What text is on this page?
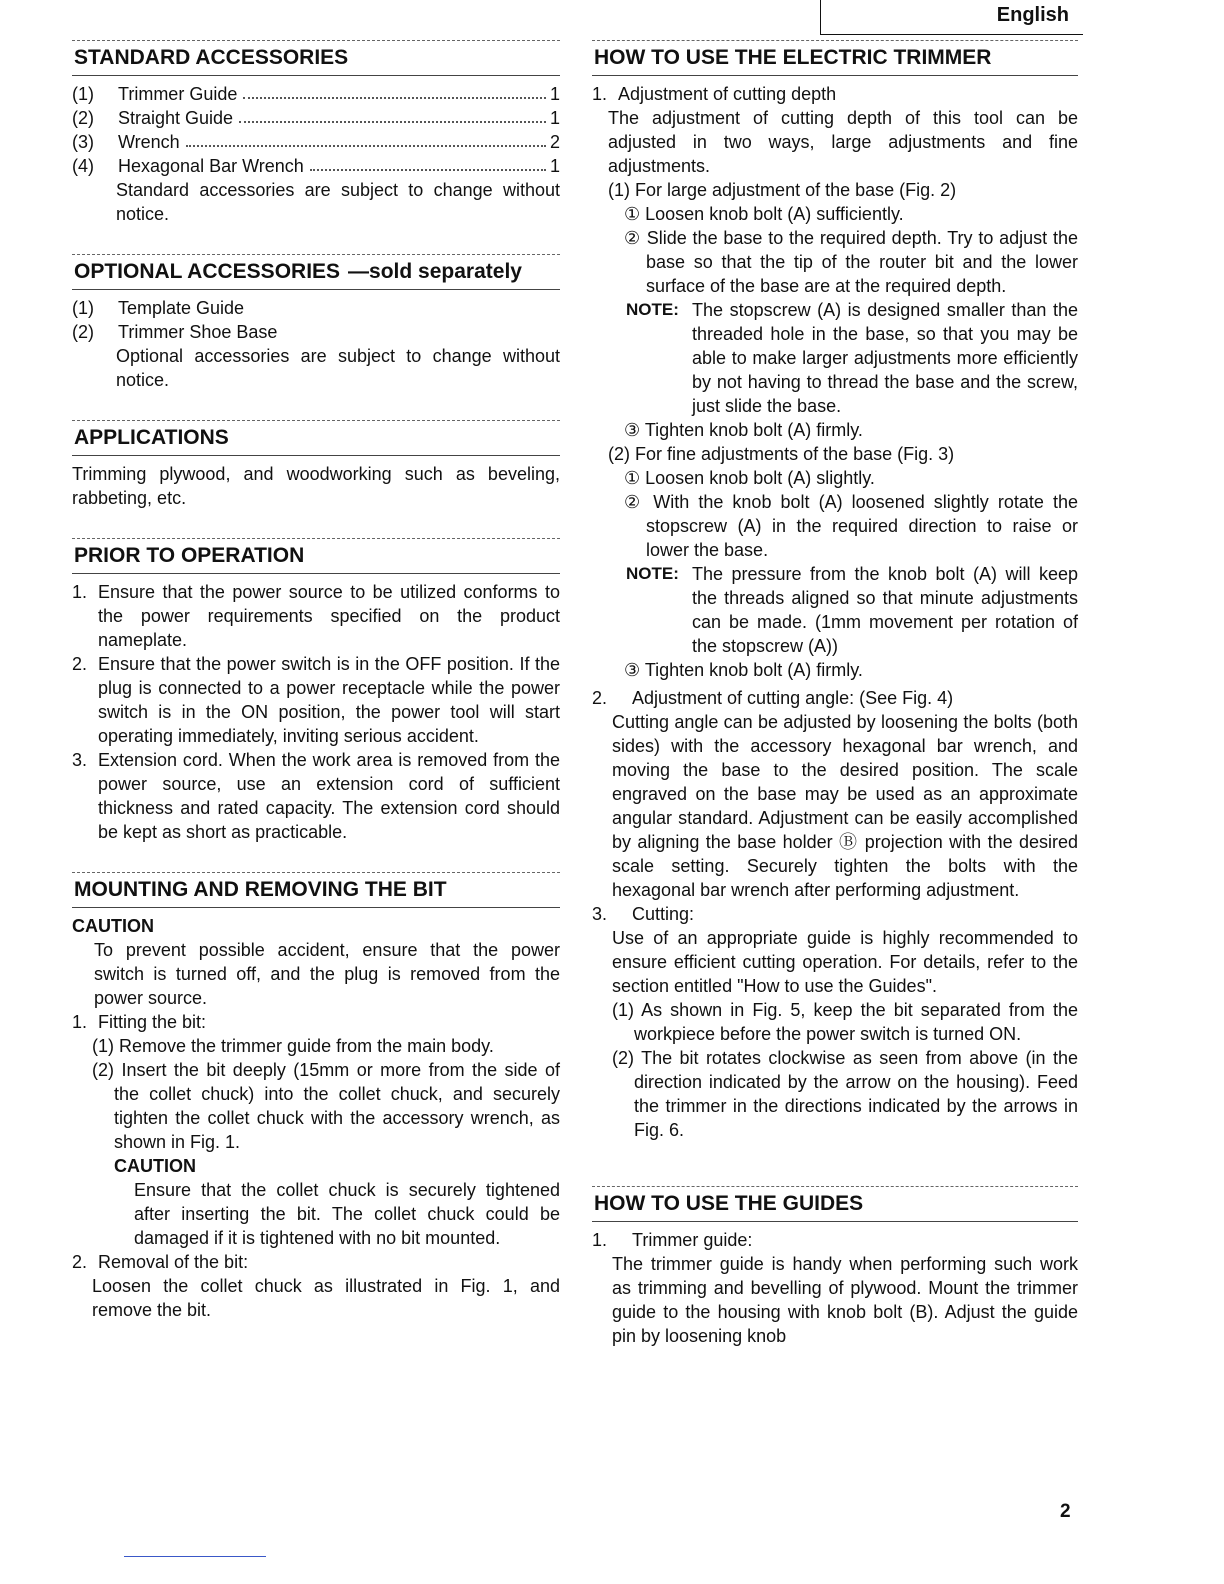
English
STANDARD ACCESSORIES
(1)	Trimmer Guide	1
(2)	Straight Guide	1
(3)	Wrench	2
(4)	Hexagonal Bar Wrench	1

Standard accessories are subject to change without notice.

OPTIONAL ACCESSORIES —sold separately
(1)	Template Guide
(2)	Trimmer Shoe Base

Optional accessories are subject to change without notice.

APPLICATIONS

Trimming plywood, and woodworking such as beveling, rabbeting, etc.

PRIOR TO OPERATION
1. Ensure that the power source to be utilized conforms to the power requirements specified on the product nameplate.
2. Ensure that the power switch is in the OFF position. If the plug is connected to a power receptacle while the power switch is in the ON position, the power tool will start operating immediately, inviting serious accident.
3. Extension cord. When the work area is removed from the power source, use an extension cord of sufficient thickness and rated capacity. The extension cord should be kept as short as practicable.
MOUNTING AND REMOVING THE BIT

CAUTION

To prevent possible accident, ensure that the power switch is turned off, and the plug is removed from the power source.

1. Fitting the bit:

(1) Remove the trimmer guide from the main body.

(2) Insert the bit deeply (15mm or more from the side of the collet chuck) into the collet chuck, and securely tighten the collet chuck with the accessory wrench, as shown in Fig. 1.

CAUTION

Ensure that the collet chuck is securely tightened after inserting the bit. The collet chuck could be damaged if it is tightened with no bit mounted.

2. Removal of the bit:

Loosen the collet chuck as illustrated in Fig. 1, and remove the bit.

HOW TO USE THE ELECTRIC TRIMMER
1. Adjustment of cutting depth

The adjustment of cutting depth of this tool can be adjusted in two ways, large adjustments and fine adjustments.

(1) For large adjustment of the base (Fig. 2)

① Loosen knob bolt (A) sufficiently.

② Slide the base to the required depth. Try to adjust the base so that the tip of the router bit and the lower surface of the base are at the required depth.

NOTE: The stopscrew (A) is designed smaller than the threaded hole in the base, so that you may be able to make larger adjustments more efficiently by not having to thread the base and the screw, just slide the base.

③ Tighten knob bolt (A) firmly.

(2) For fine adjustments of the base (Fig. 3)

① Loosen knob bolt (A) slightly.

② With the knob bolt (A) loosened slightly rotate the stopscrew (A) in the required direction to raise or lower the base.

NOTE: The pressure from the knob bolt (A) will keep the threads aligned so that minute adjustments can be made. (1mm movement per rotation of the stopscrew (A))

③ Tighten knob bolt (A) firmly.

2.	Adjustment of cutting angle: (See Fig. 4)

Cutting angle can be adjusted by loosening the bolts (both sides) with the accessory hexagonal bar wrench, and moving the base to the desired position. The scale engraved on the base may be used as an approximate angular standard. Adjustment can be easily accomplished by aligning the base holder Ⓑ projection with the desired scale setting. Securely tighten the bolts with the hexagonal bar wrench after performing adjustment.

3.	Cutting:

Use of an appropriate guide is highly recommended to ensure efficient cutting operation. For details, refer to the section entitled "How to use the Guides".

(1) As shown in Fig. 5, keep the bit separated from the workpiece before the power switch is turned ON.

(2) The bit rotates clockwise as seen from above (in the direction indicated by the arrow on the housing). Feed the trimmer in the directions indicated by the arrows in Fig. 6.

HOW TO USE THE GUIDES
1.	Trimmer guide:

The trimmer guide is handy when performing such work as trimming and bevelling of plywood. Mount the trimmer guide to the housing with knob bolt (B). Adjust the guide pin by loosening knob

2
